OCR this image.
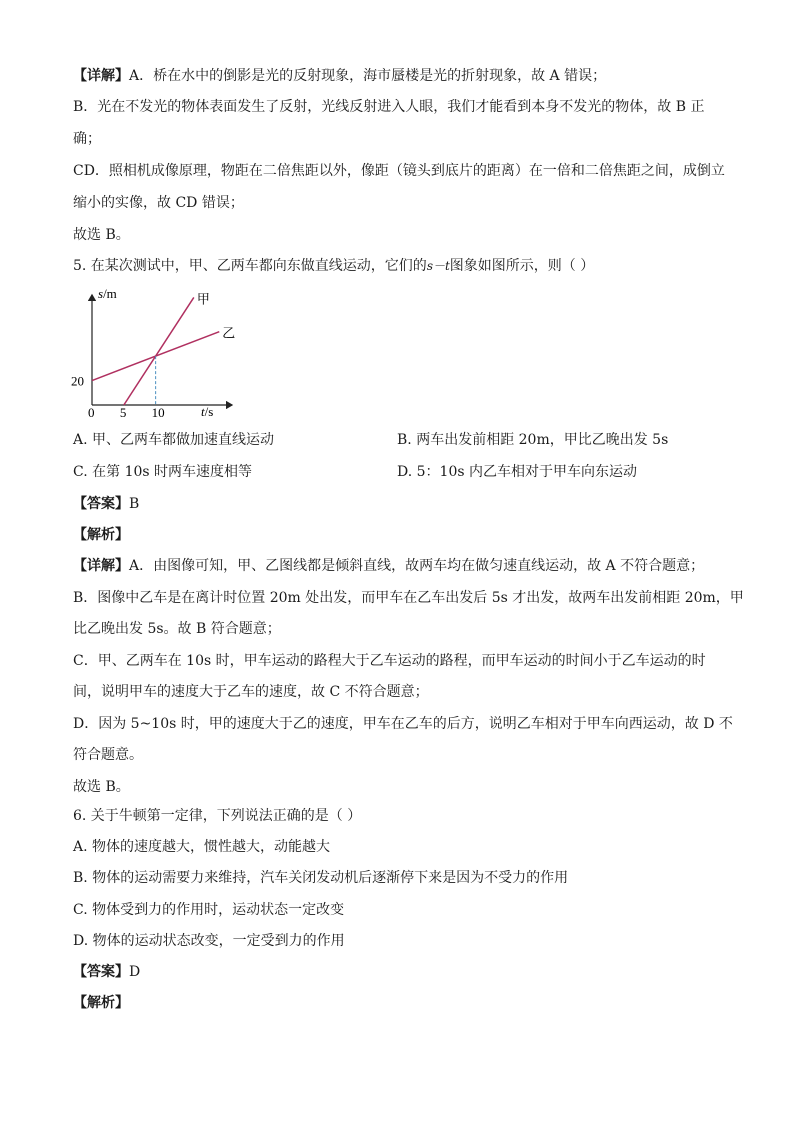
【详解】A．桥在水中的倒影是光的反射现象，海市蜃楼是光的折射现象，故 A 错误；
B．光在不发光的物体表面发生了反射，光线反射进入人眼，我们才能看到本身不发光的物体，故 B 正
确；
CD．照相机成像原理，物距在二倍焦距以外，像距（镜头到底片的距离）在一倍和二倍焦距之间，成倒立
缩小的实像，故 CD 错误；
故选 B。
5. 在某次测试中，甲、乙两车都向东做直线运动，它们的s－t图象如图所示，则（ ）
甲
乙
0 5 10
20
s/m
t/s
A. 甲、乙两车都做加速直线运动	B. 两车出发前相距 20m，甲比乙晚出发 5s
C. 在第 10s 时两车速度相等	D. 5：10s 内乙车相对于甲车向东运动
【答案】B
【解析】
【详解】A．由图像可知，甲、乙图线都是倾斜直线，故两车均在做匀速直线运动，故 A 不符合题意；
B．图像中乙车是在离计时位置 20m 处出发，而甲车在乙车出发后 5s 才出发，故两车出发前相距 20m，甲
比乙晚出发 5s。故 B 符合题意；
C．甲、乙两车在 10s 时，甲车运动的路程大于乙车运动的路程，而甲车运动的时间小于乙车运动的时
间，说明甲车的速度大于乙车的速度，故 C 不符合题意；
D．因为 5~10s 时，甲的速度大于乙的速度，甲车在乙车的后方，说明乙车相对于甲车向西运动，故 D 不
符合题意。
故选 B。
6. 关于牛顿第一定律，下列说法正确的是（ ）
A. 物体的速度越大，惯性越大，动能越大
B. 物体的运动需要力来维持，汽车关闭发动机后逐渐停下来是因为不受力的作用
C. 物体受到力的作用时，运动状态一定改变
D. 物体的运动状态改变，一定受到力的作用
【答案】D
【解析】
